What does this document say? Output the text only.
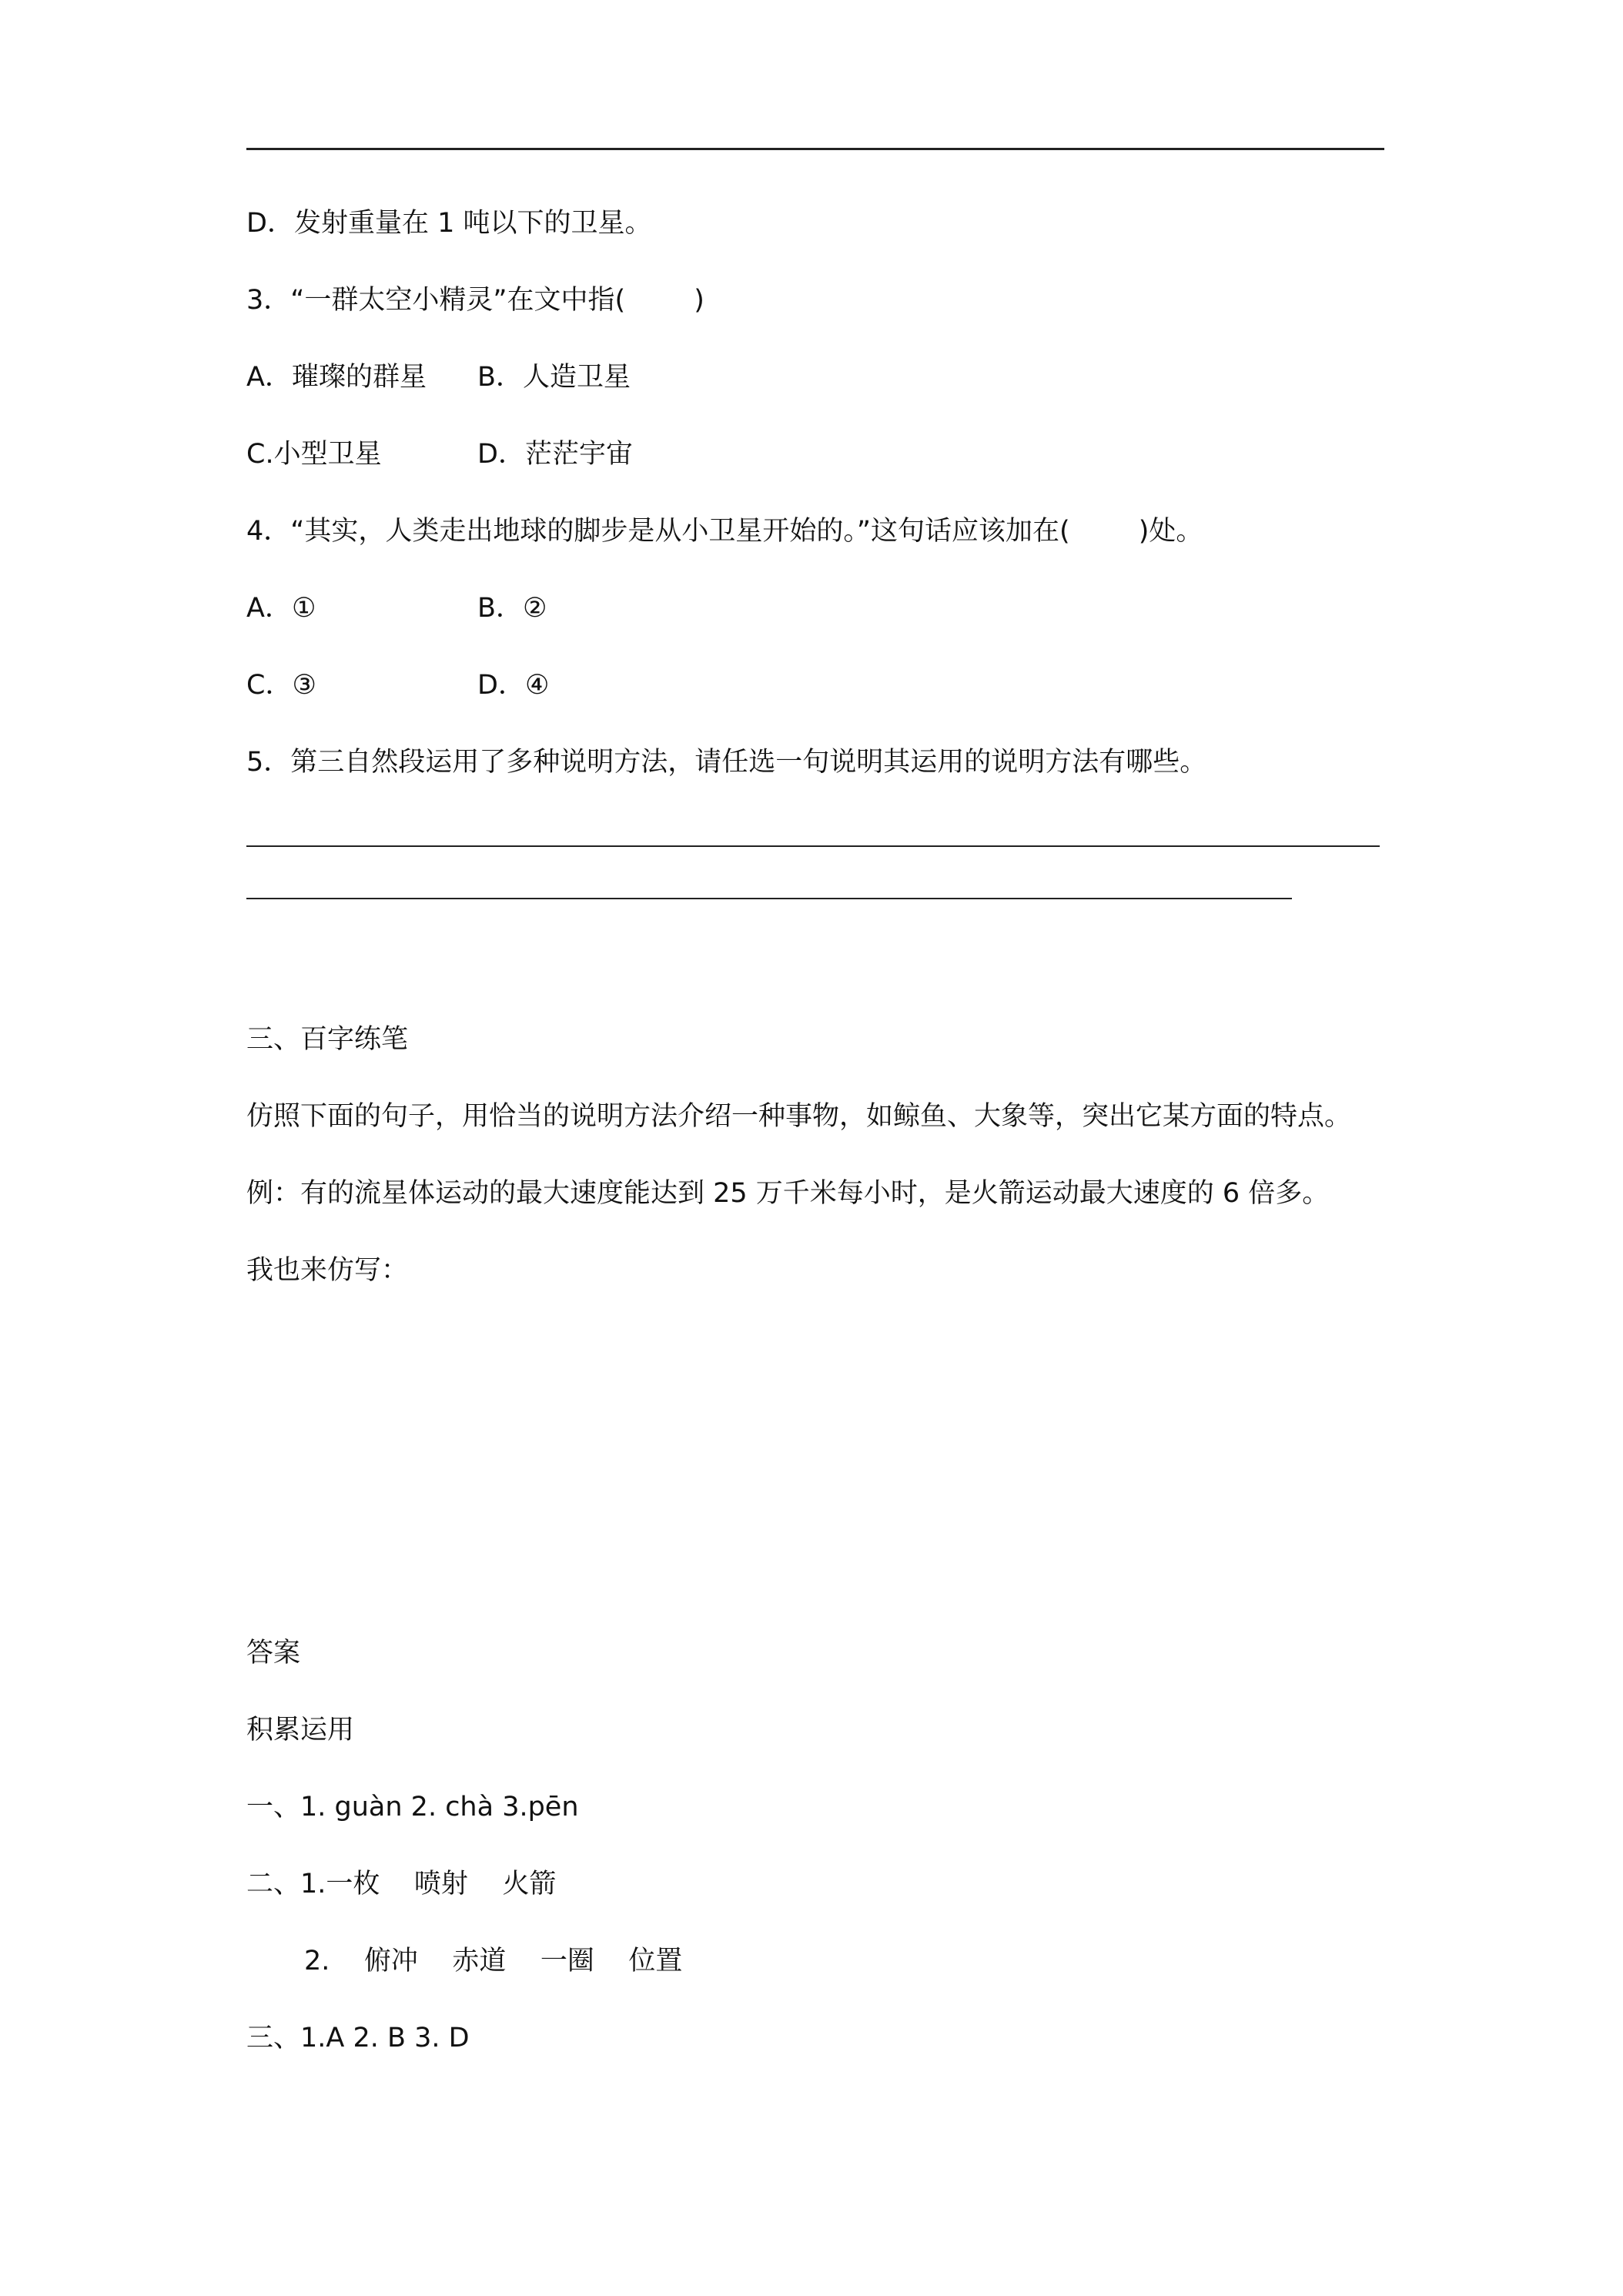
D．发射重量在 1 吨以下的卫星。
3．“一群太空小精灵”在文中指(        )
A．璀璨的群星 B．人造卫星
C.小型卫星	D．茫茫宇宙
4．“其实，人类走出地球的脚步是从小卫星开始的。”这句话应该加在(        )处。
A．①	B．②
C．③	D．④
5．第三自然段运用了多种说明方法，请任选一句说明其运用的说明方法有哪些。
三、百字练笔
仿照下面的句子，用恰当的说明方法介绍一种事物，如鲸鱼、大象等，突出它某方面的特点。
例：有的流星体运动的最大速度能达到 25 万千米每小时，是火箭运动最大速度的 6 倍多。
我也来仿写：
答案
积累运用
一、1. guàn 2. chà 3.pēn
二、1.一枚    喷射    火箭
2.    俯冲    赤道    一圈    位置
三、1.A 2. B 3. D
